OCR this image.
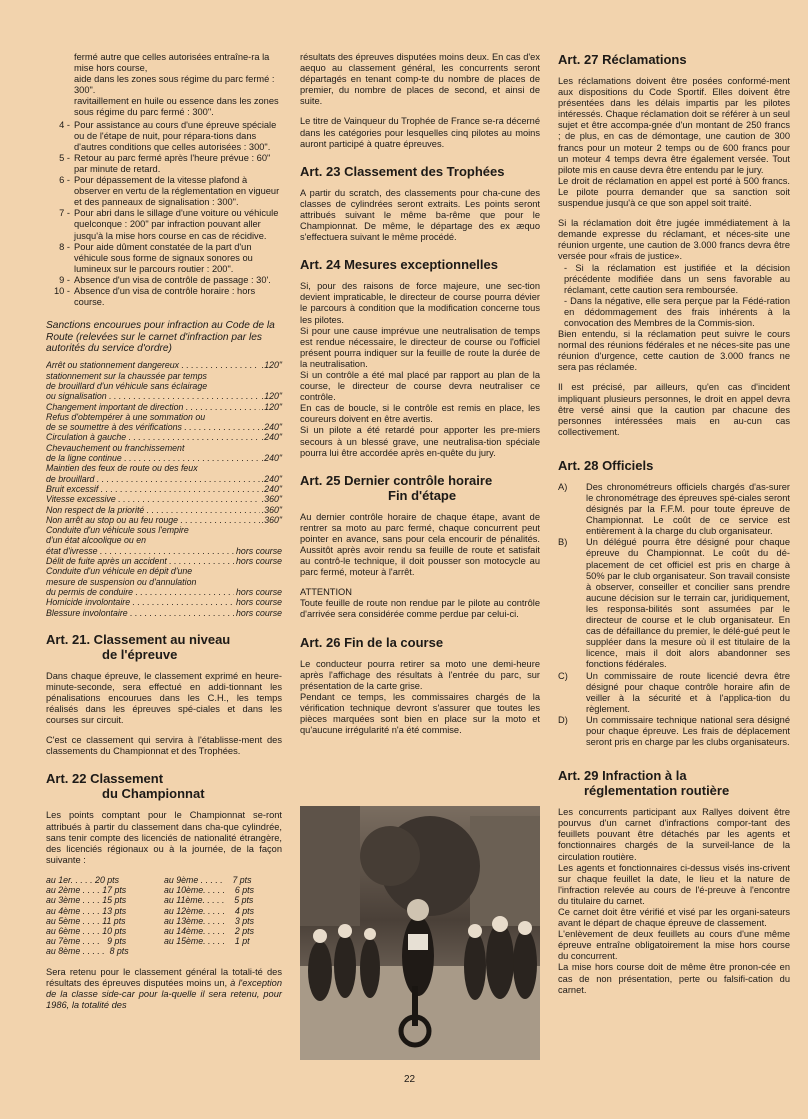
fermé autre que celles autorisées entraîne-ra la mise hors course,
aide dans les zones sous régime du parc fermé : 300".
ravitaillement en huile ou essence dans les zones sous régime du parc fermé : 300".
4 - Pour assistance au cours d'une épreuve spéciale ou de l'étape de nuit, pour répara-tions dans d'autres conditions que celles autorisées : 300".
5 - Retour au parc fermé après l'heure prévue : 60" par minute de retard.
6 - Pour dépassement de la vitesse plafond à observer en vertu de la réglementation en vigueur et des panneaux de signalisation : 300".
7 - Pour abri dans le sillage d'une voiture ou véhicule quelconque : 200" par infraction pouvant aller jusqu'à la mise hors course en cas de récidive.
8 - Pour aide dûment constatée de la part d'un véhicule sous forme de signaux sonores ou lumineux sur le parcours routier : 200".
9 - Absence d'un visa de contrôle de passage : 30'.
10 - Absence d'un visa de contrôle horaire : hors course.
Sanctions encourues pour infraction au Code de la Route (relevées sur le carnet d'infraction par les autorités du service d'ordre)
Arrêt ou stationnement dangereux . . .	.120"
stationnement sur la chaussée par temps
de brouillard d'un véhicule sans éclairage
ou signalisation . . .	.120"
Changement important de direction . . .	.120"
Refus d'obtempérer à une sommation ou
de se soumettre à des vérifications . . .	.240"
Circulation à gauche . . .	.240"
Chevauchement ou franchissement
de la ligne continue . . .	.240"
Maintien des feux de route ou des feux
de brouillard . . .	.240"
Bruit excessif . . .	.240"
Vitesse excessive . . .	.360"
Non respect de la priorité . . .	.360"
Non arrêt au stop ou au feu rouge . . .	.360"
Conduite d'un véhicule sous l'empire
d'un état alcoolique ou en
état d'ivresse . . .	hors course
Délit de fuite après un accident . . .	hors course
Conduite d'un véhicule en dépit d'une
mesure de suspension ou d'annulation
du permis de conduire . . .	hors course
Homicide involontaire . . .	hors course
Blessure involontaire . . .	hors course
Art. 21. Classement au niveau
de l'épreuve

Dans chaque épreuve, le classement exprimé en heure-minute-seconde, sera effectué en addi-tionnant les pénalisations encourues dans les C.H., les temps réalisés dans les épreuves spé-ciales et dans les courses sur circuit.

C'est ce classement qui servira à l'établisse-ment des classements du Championnat et des Trophées.

Art. 22 Classement
du Championnat

Les points comptant pour le Championnat se-ront attribués à partir du classement dans cha-que cylindrée, sans tenir compte des licenciés de nationalité étrangère, des licenciés régionaux ou à la journée, de la façon suivante :

au 1er. . . . . 20 pts	au 9ème . . . . .    7 pts
au 2ème . . . . 17 pts	au 10ème. . . . .    6 pts
au 3ème . . . . 15 pts	au 11ème. . . . .    5 pts
au 4ème . . . . 13 pts	au 12ème. . . . .    4 pts
au 5ème . . . . 11 pts	au 13ème. . . . .    3 pts
au 6ème . . . . 10 pts	au 14ème. . . . .    2 pts
au 7ème . . . .   9 pts	au 15ème. . . . .    1 pt
au 8ème . . . . .  8 pts

Sera retenu pour le classement général la totali-té des résultats des épreuves disputées moins un, à l'exception de la classe side-car pour la-quelle il sera retenu, pour 1986, la totalité des

résultats des épreuves disputées moins deux. En cas d'ex aequo au classement général, les concurrents seront départagés en tenant comp-te du nombre de places de premier, du nombre de places de second, et ainsi de suite.

Le titre de Vainqueur du Trophée de France se-ra décerné dans les catégories pour lesquelles cinq pilotes au moins auront participé à quatre épreuves.

Art. 23 Classement des Trophées

A partir du scratch, des classements pour cha-cune des classes de cylindrées seront extraits. Les points seront attribués suivant le même ba-rême que pour le Championnat. De même, le départage des ex æquo s'effectuera suivant le même procédé.

Art. 24 Mesures exceptionnelles
Si, pour des raisons de force majeure, une sec-tion devient impraticable, le directeur de course pourra dévier le parcours à condition que la modification concerne tous les pilotes.
Si pour une cause imprévue une neutralisation de temps est rendue nécessaire, le directeur de course ou l'officiel présent pourra indiquer sur la feuille de route la durée de la neutralisation.
Si un contrôle a été mal placé par rapport au plan de la course, le directeur de course devra neutraliser ce contrôle.
En cas de boucle, si le contrôle est remis en place, les coureurs doivent en être avertis.
Si un pilote a été retardé pour apporter les pre-miers secours à un blessé grave, une neutralisa-tion spéciale pourra lui être accordée après en-quête du jury.
Art. 25 Dernier contrôle horaire
Fin d'étape

Au dernier contrôle horaire de chaque étape, avant de rentrer sa moto au parc fermé, chaque concurrent peut pointer en avance, sans pour cela encourir de pénalités. Aussitôt après avoir rendu sa feuille de route et satisfait au contrô-le technique, il doit pousser son motocycle au parc fermé, moteur à l'arrêt.

ATTENTION

Toute feuille de route non rendue par le pilote au contrôle d'arrivée sera considérée comme perdue par celui-ci.

Art. 26 Fin de la course
Le conducteur pourra retirer sa moto une demi-heure après l'affichage des résultats à l'entrée du parc, sur présentation de la carte grise.
Pendant ce temps, les commissaires chargés de la vérification technique devront s'assurer que toutes les pièces marquées sont bien en place sur la moto et qu'aucune irrégularité n'a été commise.
Art. 27 Réclamations

Les réclamations doivent être posées conformé-ment aux dispositions du Code Sportif. Elles doivent être présentées dans les délais impartis par les pilotes intéressés. Chaque réclamation doit se référer à un seul sujet et être accompa-gnée d'un montant de 250 francs ; de plus, en cas de démontage, une caution de 300 francs pour un moteur 2 temps ou de 600 francs pour un moteur 4 temps devra être également versée. Tout pilote mis en cause devra être entendu par le jury.

Le droit de réclamation en appel est porté à 500 francs. Le pilote pourra demander que sa sanction soit suspendue jusqu'à ce que son appel soit traité.

Si la réclamation doit être jugée immédiatement à la demande expresse du réclamant, et néces-site une réunion urgente, une caution de 3.000 francs devra être versée pour «frais de justice».

- Si la réclamation est justifiée et la décision précédente modifiée dans un sens favorable au réclamant, cette caution sera remboursée.
- Dans la négative, elle sera perçue par la Fédé-ration en dédommagement des frais inhérents à la convocation des Membres de la Commis-sion.

Bien entendu, si la réclamation peut suivre le cours normal des réunions fédérales et ne néces-site pas une réunion d'urgence, cette caution de 3.000 francs ne sera pas réclamée.

Il est précisé, par ailleurs, qu'en cas d'incident impliquant plusieurs personnes, le droit en appel devra être versé ainsi que la caution par chacune des personnes intéressées mais en au-cun cas collectivement.

Art. 28 Officiels
A)	Des chronométreurs officiels chargés d'as-surer le chronométrage des épreuves spé-ciales seront désignés par la F.F.M. pour toute épreuve de Championnat. Le coût de ce service est entièrement à la charge du club organisateur.
B)	Un délégué pourra être désigné pour chaque épreuve du Championnat. Le coût du dé-placement de cet officiel est pris en charge à 50% par le club organisateur. Son travail consiste à observer, conseiller et concilier sans prendre aucune décision sur le terrain car, juridiquement, les responsa-bilités sont assumées par le directeur de course et le club organisateur. En cas de défaillance du premier, le délé-gué peut le suppléer dans la mesure où il est titulaire de la licence, mais il doit alors abandonner ses fonctions fédérales.
C)	Un commissaire de route licencié devra être désigné pour chaque contrôle horaire afin de veiller à la sécurité et à l'applica-tion du règlement.
D)	Un commissaire technique national sera désigné pour chaque épreuve. Les frais de déplacement seront pris en charge par les clubs organisateurs.
Art. 29 Infraction à la
réglementation routière
Les concurrents participant aux Rallyes doivent être pourvus d'un carnet d'infractions compor-tant des feuillets pouvant être détachés par les agents et fonctionnaires chargés de la surveil-lance de la circulation routière.
Les agents et fonctionnaires ci-dessus visés ins-crivent sur chaque feuillet la date, le lieu et la nature de l'infraction relevée au cours de l'é-preuve à l'encontre du titulaire du carnet.
Ce carnet doit être vérifié et visé par les organi-sateurs avant le départ de chaque épreuve de classement.
L'enlèvement de deux feuillets au cours d'une même épreuve entraîne obligatoirement la mise hors course du concurrent.
La mise hors course doit de même être pronon-cée en cas de non présentation, perte ou falsifi-cation du carnet.
22
